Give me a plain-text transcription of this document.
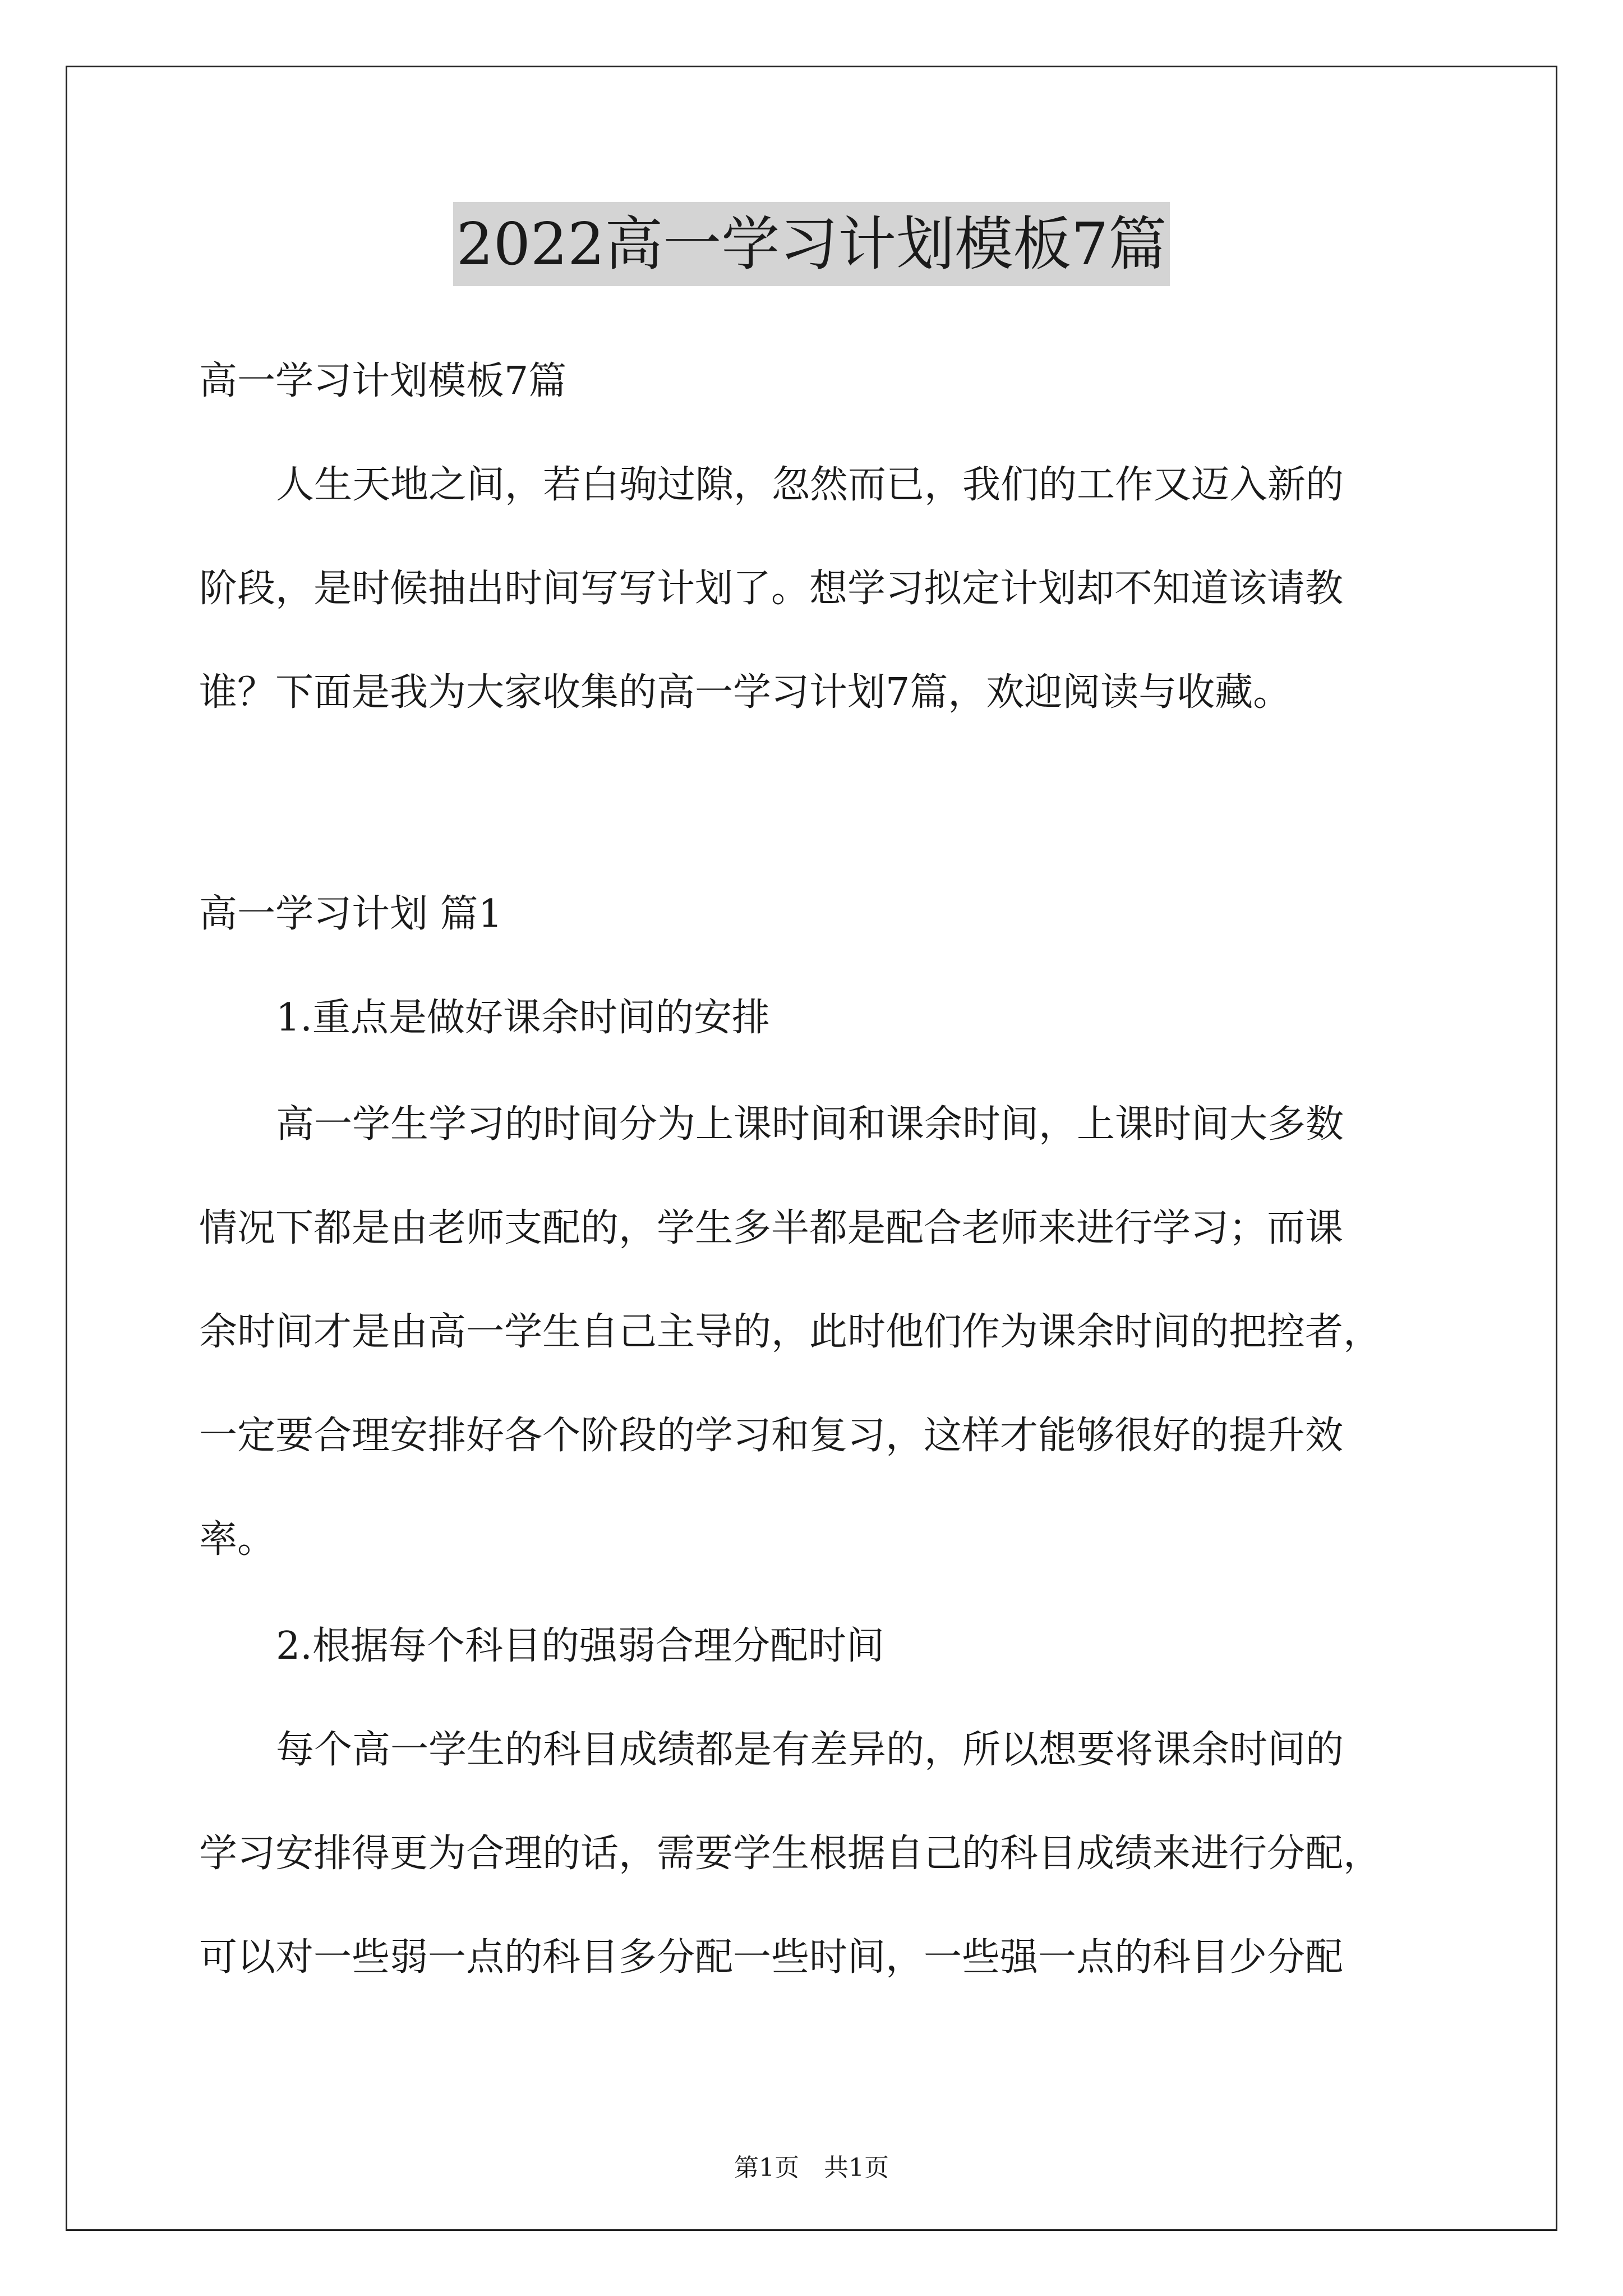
2022高一学习计划模板7篇
高一学习计划模板7篇
人生天地之间，若白驹过隙，忽然而已，我们的工作又迈入新的
阶段，是时候抽出时间写写计划了。想学习拟定计划却不知道该请教
谁？下面是我为大家收集的高一学习计划7篇，欢迎阅读与收藏。
高一学习计划 篇1
1.重点是做好课余时间的安排
高一学生学习的时间分为上课时间和课余时间，上课时间大多数
情况下都是由老师支配的，学生多半都是配合老师来进行学习；而课
余时间才是由高一学生自己主导的，此时他们作为课余时间的把控者，
一定要合理安排好各个阶段的学习和复习，这样才能够很好的提升效
率。
2.根据每个科目的强弱合理分配时间
每个高一学生的科目成绩都是有差异的，所以想要将课余时间的
学习安排得更为合理的话，需要学生根据自己的科目成绩来进行分配，
可以对一些弱一点的科目多分配一些时间，一些强一点的科目少分配
第1页　共1页
